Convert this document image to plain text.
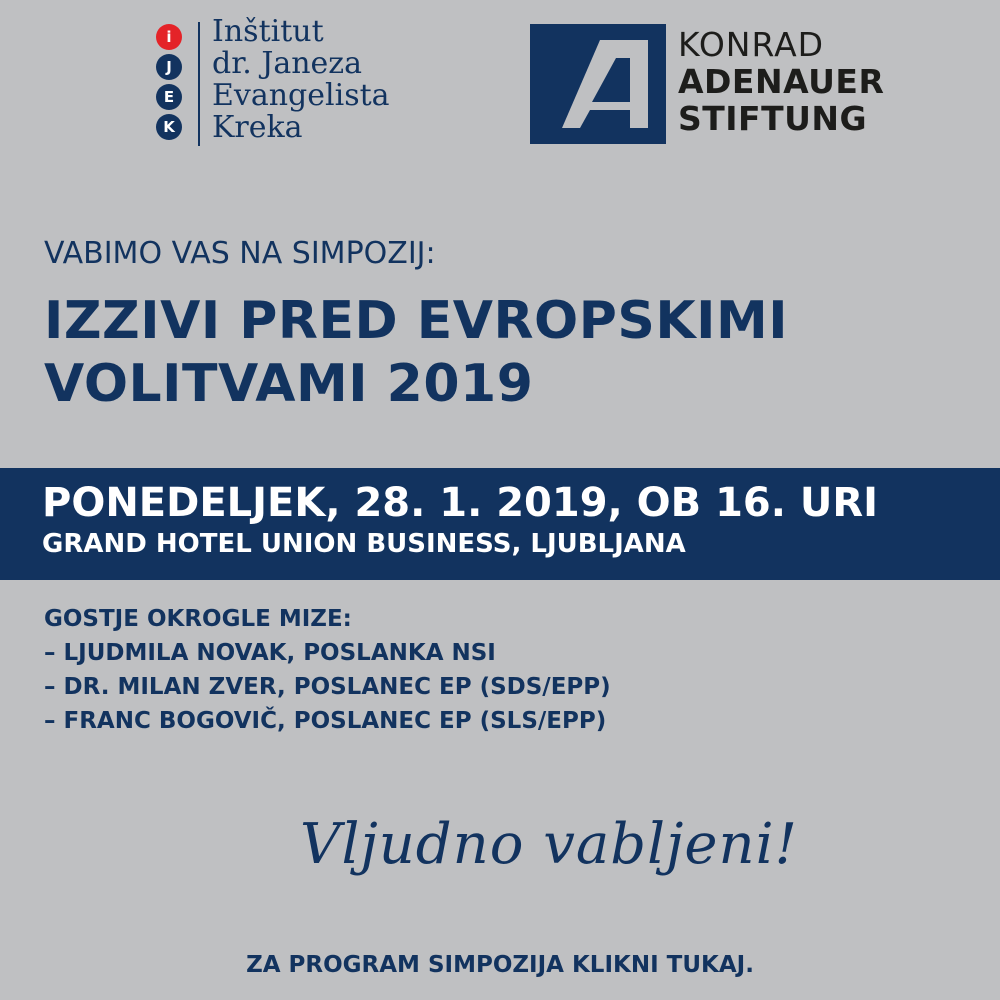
i
J
E
K
Inštitut
dr. Janeza
Evangelista
Kreka
KONRAD
ADENAUER
STIFTUNG
VABIMO VAS NA SIMPOZIJ:
IZZIVI PRED EVROPSKIMI
VOLITVAMI 2019
PONEDELJEK, 28. 1. 2019, OB 16. URI
GRAND HOTEL UNION BUSINESS, LJUBLJANA
GOSTJE OKROGLE MIZE:
– LJUDMILA NOVAK, POSLANKA NSI
– DR. MILAN ZVER, POSLANEC EP (SDS/EPP)
– FRANC BOGOVIČ, POSLANEC EP (SLS/EPP)
Vljudno vabljeni!
ZA PROGRAM SIMPOZIJA KLIKNI TUKAJ.
